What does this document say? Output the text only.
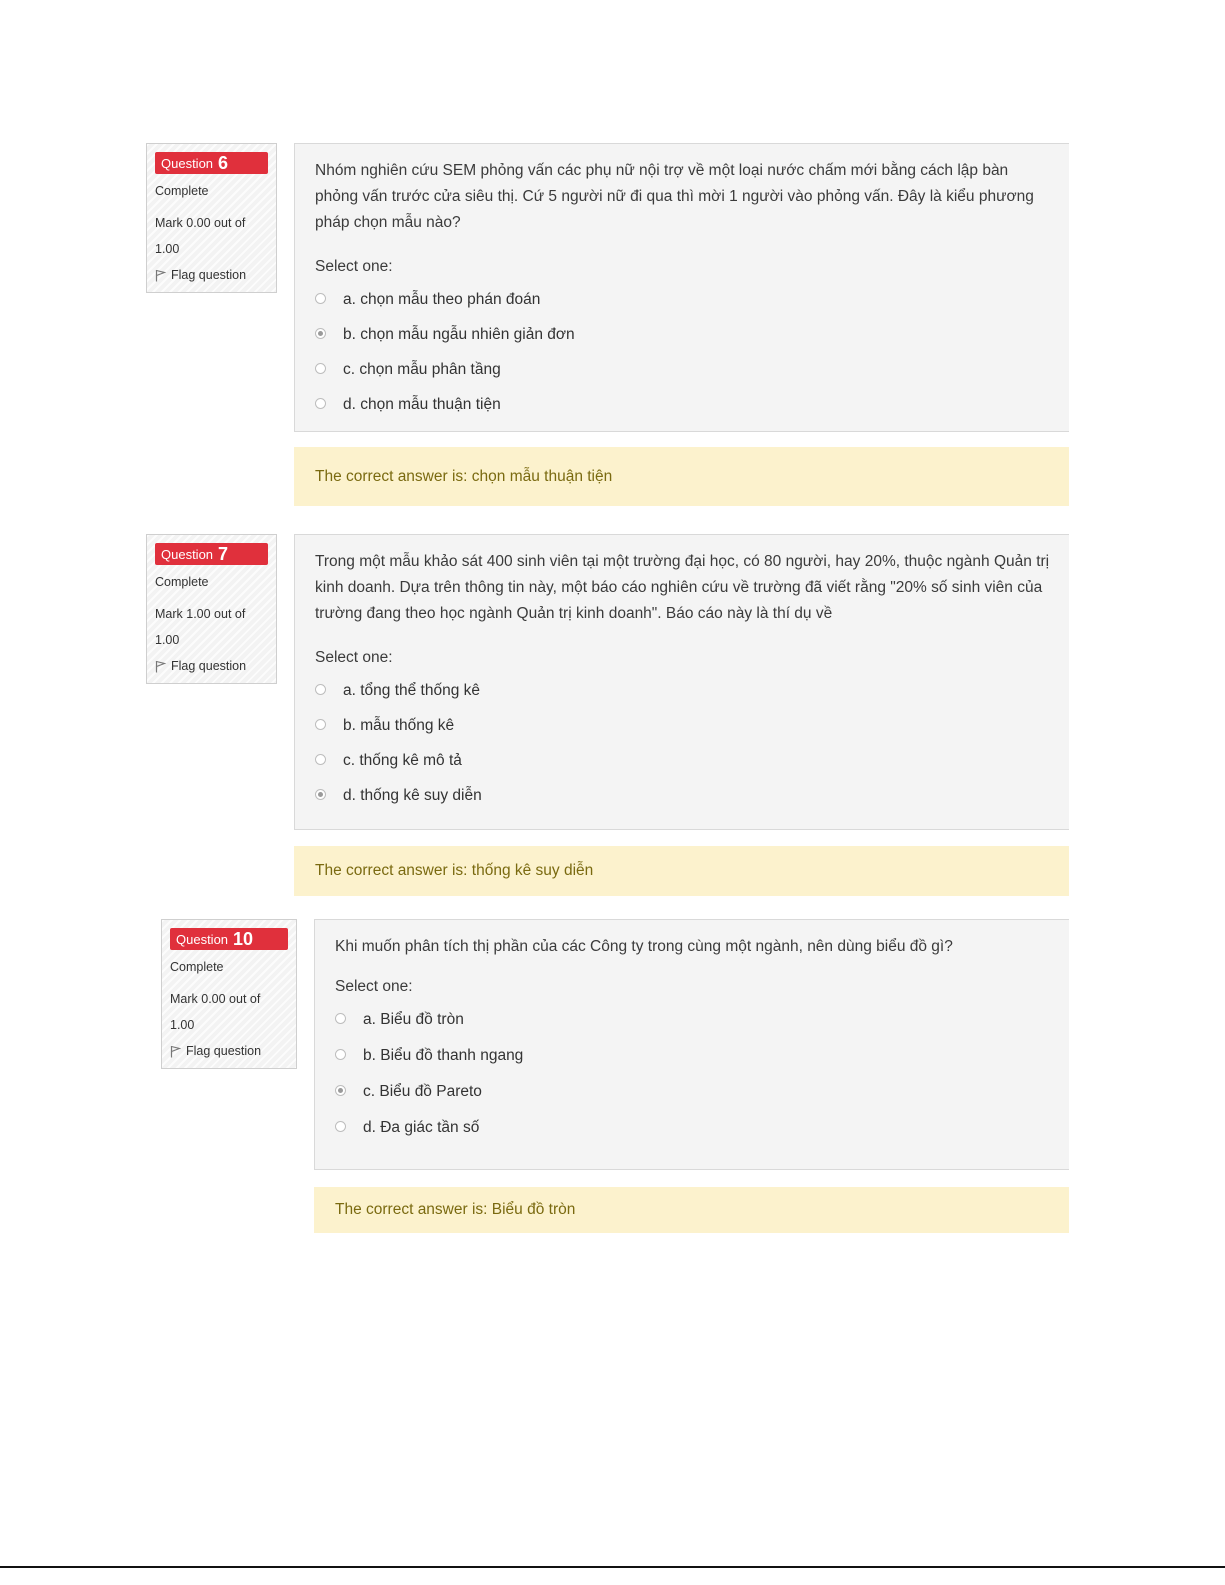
Question 6
Complete
Mark 0.00 out of
1.00
Flag question
Nhóm nghiên cứu SEM phỏng vấn các phụ nữ nội trợ về một loại nước chấm mới bằng cách lập bàn phỏng vấn trước cửa siêu thị. Cứ 5 người nữ đi qua thì mời 1 người vào phỏng vấn. Đây là kiểu phương pháp chọn mẫu nào?
Select one:
a. chọn mẫu theo phán đoán
b. chọn mẫu ngẫu nhiên giản đơn
c. chọn mẫu phân tầng
d. chọn mẫu thuận tiện
The correct answer is: chọn mẫu thuận tiện
Question 7
Complete
Mark 1.00 out of
1.00
Flag question
Trong một mẫu khảo sát 400 sinh viên tại một trường đại học, có 80 người, hay 20%, thuộc ngành Quản trị kinh doanh. Dựa trên thông tin này, một báo cáo nghiên cứu về trường đã viết rằng "20% số sinh viên của trường đang theo học ngành Quản trị kinh doanh". Báo cáo này là thí dụ về
Select one:
a. tổng thể thống kê
b. mẫu thống kê
c. thống kê mô tả
d. thống kê suy diễn
The correct answer is: thống kê suy diễn
Question 10
Complete
Mark 0.00 out of
1.00
Flag question
Khi muốn phân tích thị phần của các Công ty trong cùng một ngành, nên dùng biểu đồ gì?
Select one:
a. Biểu đồ tròn
b. Biểu đồ thanh ngang
c. Biểu đồ Pareto
d. Đa giác tần số
The correct answer is: Biểu đồ tròn
